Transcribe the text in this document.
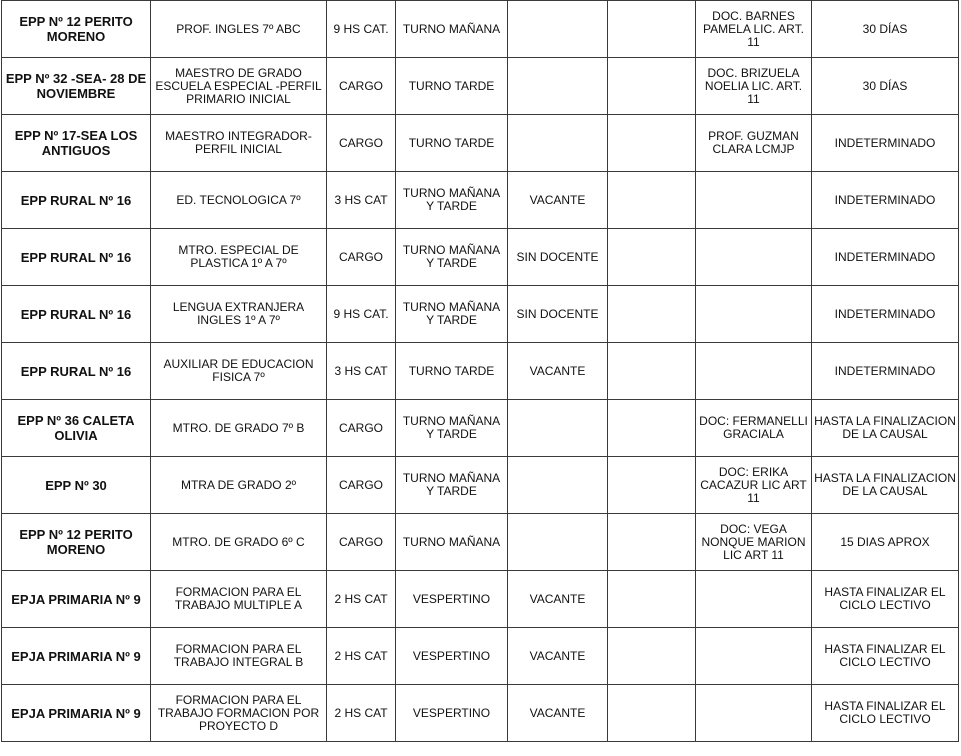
EPP Nº 12 PERITO MORENO	PROF. INGLES 7º ABC	9 HS CAT.	TURNO MAÑANA			DOC. BARNES PAMELA LIC. ART. 11	30 DÍAS
EPP Nº 32 -SEA- 28 DE NOVIEMBRE	MAESTRO DE GRADO ESCUELA ESPECIAL -PERFIL PRIMARIO INICIAL	CARGO	TURNO TARDE			DOC. BRIZUELA NOELIA LIC. ART. 11	30 DÍAS
EPP Nº 17-SEA LOS ANTIGUOS	MAESTRO INTEGRADOR-PERFIL INICIAL	CARGO	TURNO TARDE			PROF. GUZMAN CLARA LCMJP	INDETERMINADO
EPP RURAL Nº 16	ED. TECNOLOGICA 7º	3 HS CAT	TURNO MAÑANA Y TARDE	VACANTE			INDETERMINADO
EPP RURAL Nº 16	MTRO. ESPECIAL DE PLASTICA 1º A 7º	CARGO	TURNO MAÑANA Y TARDE	SIN DOCENTE			INDETERMINADO
EPP RURAL Nº 16	LENGUA EXTRANJERA INGLES 1º A 7º	9 HS CAT.	TURNO MAÑANA Y TARDE	SIN DOCENTE			INDETERMINADO
EPP RURAL Nº 16	AUXILIAR DE EDUCACION FISICA 7º	3 HS CAT	TURNO TARDE	VACANTE			INDETERMINADO
EPP Nº 36 CALETA OLIVIA	MTRO. DE GRADO 7º B	CARGO	TURNO MAÑANA Y TARDE			DOC: FERMANELLI GRACIALA	HASTA LA FINALIZACION DE LA CAUSAL
EPP Nº 30	MTRA DE GRADO 2º	CARGO	TURNO MAÑANA Y TARDE			DOC: ERIKA CACAZUR LIC ART 11	HASTA LA FINALIZACION DE LA CAUSAL
EPP Nº 12 PERITO MORENO	MTRO. DE GRADO 6º C	CARGO	TURNO MAÑANA			DOC: VEGA NONQUE MARION LIC ART 11	15 DIAS APROX
EPJA PRIMARIA Nº 9	FORMACION PARA EL TRABAJO MULTIPLE A	2 HS CAT	VESPERTINO	VACANTE			HASTA FINALIZAR EL CICLO LECTIVO
EPJA PRIMARIA Nº 9	FORMACION PARA EL TRABAJO INTEGRAL B	2 HS CAT	VESPERTINO	VACANTE			HASTA FINALIZAR EL CICLO LECTIVO
EPJA PRIMARIA Nº 9	FORMACION PARA EL TRABAJO FORMACION POR PROYECTO D	2 HS CAT	VESPERTINO	VACANTE			HASTA FINALIZAR EL CICLO LECTIVO
